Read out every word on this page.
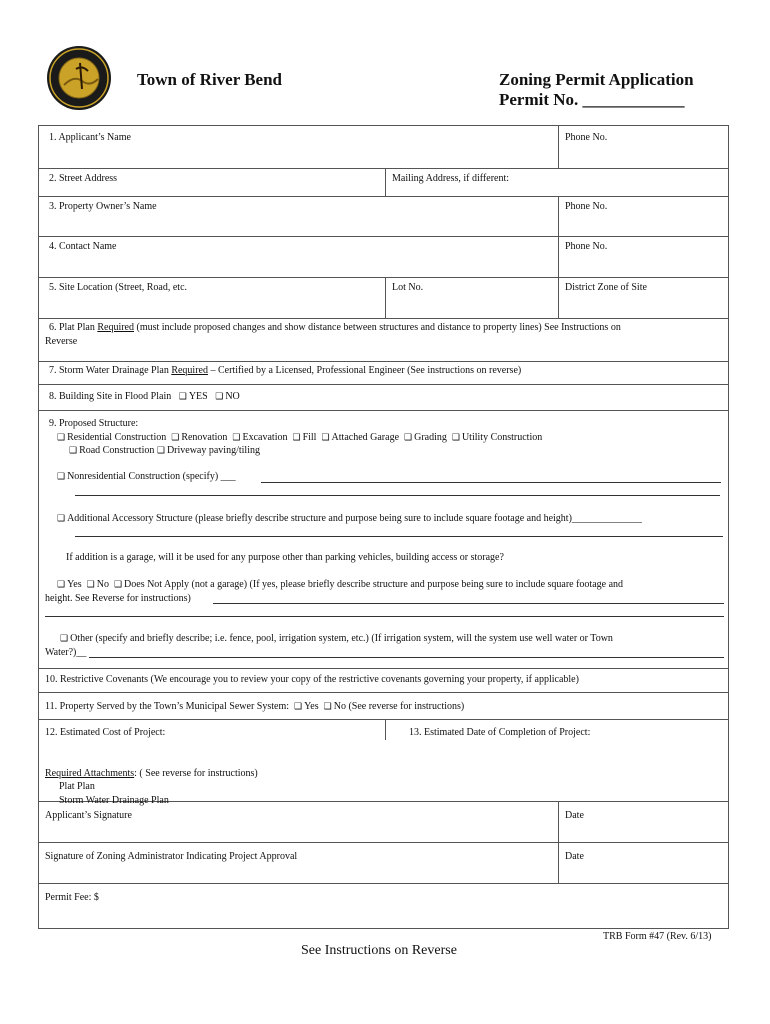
Town of River Bend	Zoning Permit Application
Permit No. ____________
1. Applicant’s Name	Phone No.
2. Street Address	Mailing Address, if different:
3. Property Owner’s Name	Phone No.
4. Contact Name	Phone No.
5. Site Location (Street, Road, etc.	Lot No.	District Zone of Site
6. Plat Plan Required (must include proposed changes and show distance between structures and distance to property lines) See Instructions on
Reverse
7. Storm Water Drainage Plan Required – Certified by a Licensed, Professional Engineer (See instructions on reverse)
8. Building Site in Flood Plain ❑ YES ❑ NO
9. Proposed Structure:
❑ Residential Construction ❑ Renovation ❑ Excavation ❑ Fill ❑ Attached Garage ❑ Grading ❑ Utility Construction
❑ Road Construction ❑ Driveway paving/tiling
❑ Nonresidential Construction (specify) ___
❑ Additional Accessory Structure (please briefly describe structure and purpose being sure to include square footage and height)______________
If addition is a garage, will it be used for any purpose other than parking vehicles, building access or storage?
❑ Yes ❑ No ❑ Does Not Apply (not a garage) (If yes, please briefly describe structure and purpose being sure to include square footage and
height. See Reverse for instructions)
❑ Other (specify and briefly describe; i.e. fence, pool, irrigation system, etc.) (If irrigation system, will the system use well water or Town
Water?)__
10. Restrictive Covenants (We encourage you to review your copy of the restrictive covenants governing your property, if applicable)
11. Property Served by the Town’s Municipal Sewer System: ❑ Yes ❑ No (See reverse for instructions)
12. Estimated Cost of Project:	13. Estimated Date of Completion of Project:
Required Attachments: ( See reverse for instructions)
Plat Plan
Storm Water Drainage Plan
Applicant’s Signature	Date
Signature of Zoning Administrator Indicating Project Approval	Date
Permit Fee: $
TRB Form #47 (Rev. 6/13)
See Instructions on Reverse
